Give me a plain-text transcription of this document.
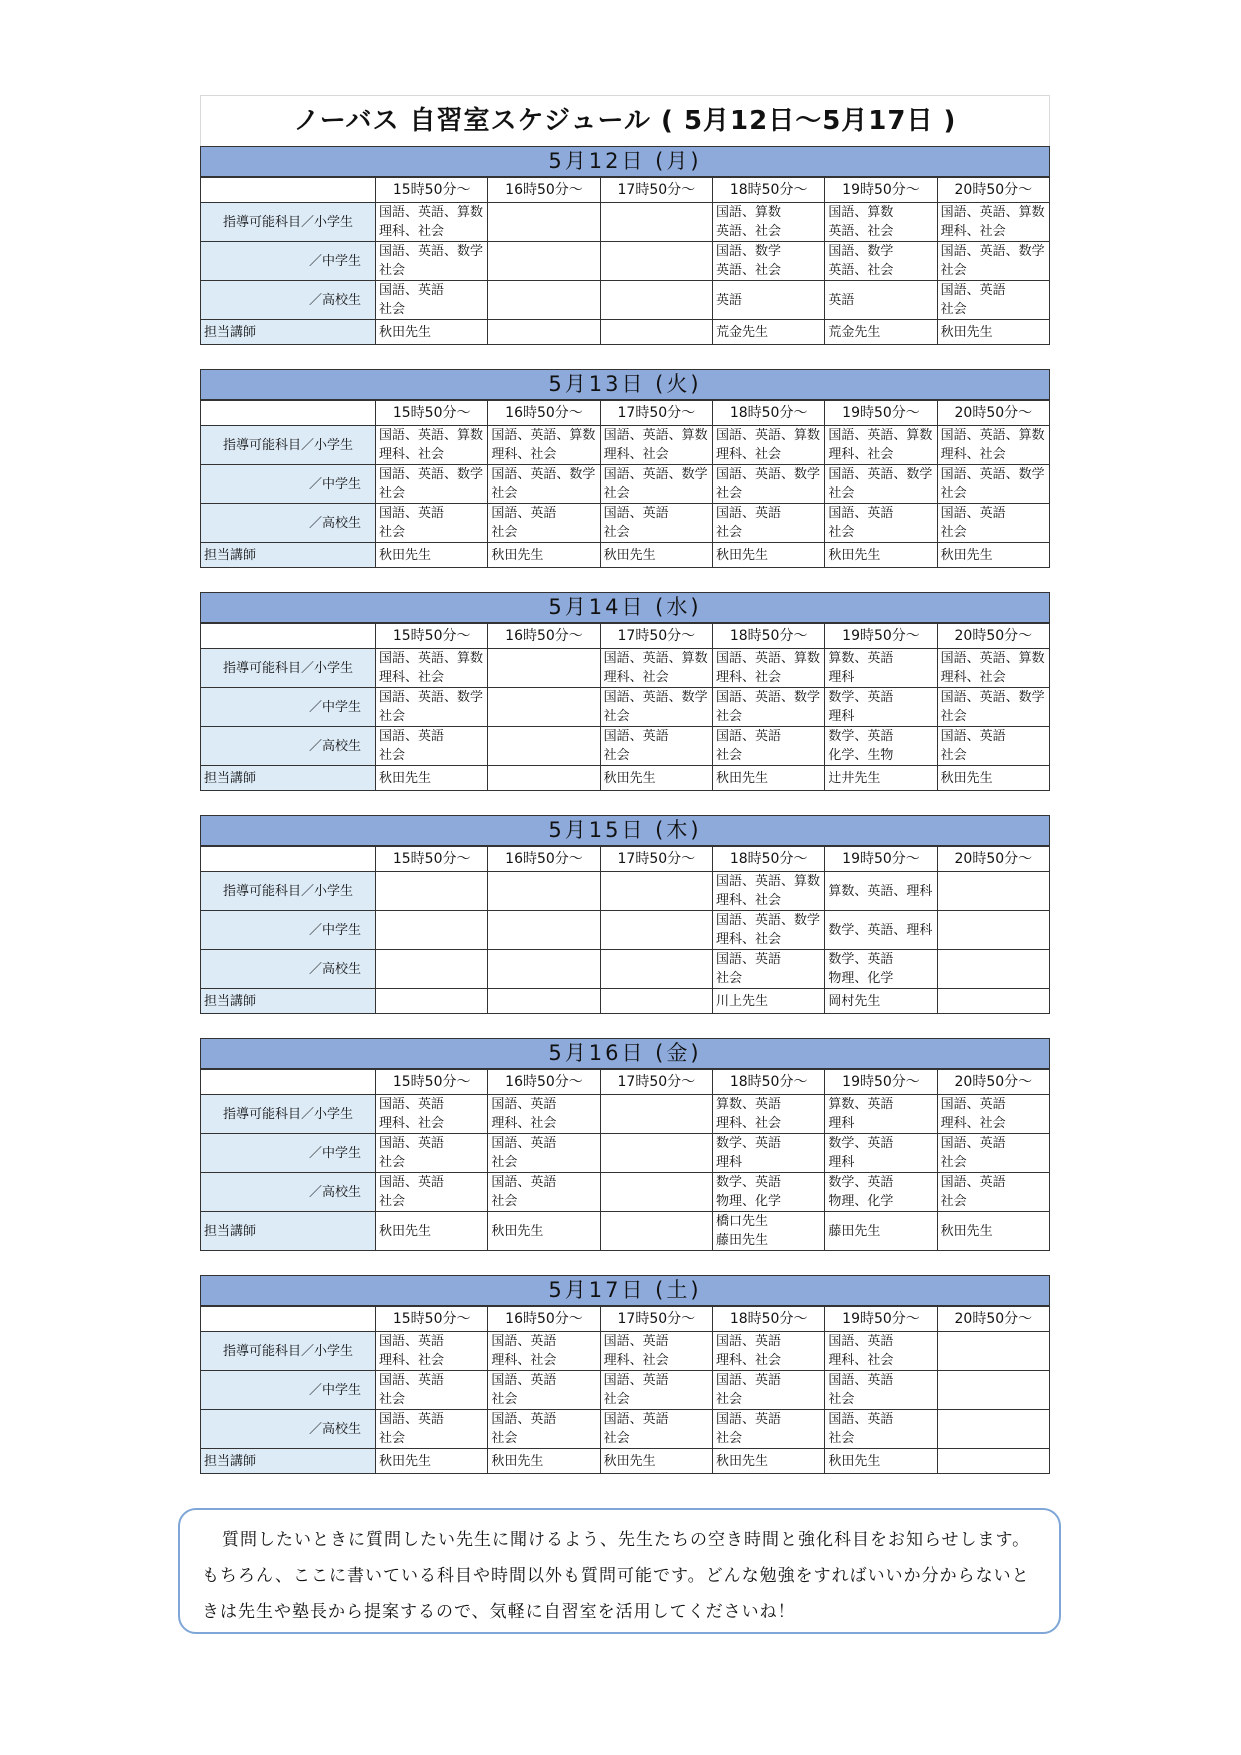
ノーバス 自習室スケジュール ( 5月12日～5月17日 )
5月12日 (月)
	15時50分～	16時50分～	17時50分～	18時50分～	19時50分～	20時50分～
指導可能科目／小学生	国語、英語、算数
理科、社会			国語、算数
英語、社会	国語、算数
英語、社会	国語、英語、算数
理科、社会
／中学生	国語、英語、数学
社会			国語、数学
英語、社会	国語、数学
英語、社会	国語、英語、数学
社会
／高校生	国語、英語
社会			英語	英語	国語、英語
社会
担当講師	秋田先生			荒金先生	荒金先生	秋田先生
5月13日 (火)
	15時50分～	16時50分～	17時50分～	18時50分～	19時50分～	20時50分～
指導可能科目／小学生	国語、英語、算数
理科、社会	国語、英語、算数
理科、社会	国語、英語、算数
理科、社会	国語、英語、算数
理科、社会	国語、英語、算数
理科、社会	国語、英語、算数
理科、社会
／中学生	国語、英語、数学
社会	国語、英語、数学
社会	国語、英語、数学
社会	国語、英語、数学
社会	国語、英語、数学
社会	国語、英語、数学
社会
／高校生	国語、英語
社会	国語、英語
社会	国語、英語
社会	国語、英語
社会	国語、英語
社会	国語、英語
社会
担当講師	秋田先生	秋田先生	秋田先生	秋田先生	秋田先生	秋田先生
5月14日 (水)
	15時50分～	16時50分～	17時50分～	18時50分～	19時50分～	20時50分～
指導可能科目／小学生	国語、英語、算数
理科、社会		国語、英語、算数
理科、社会	国語、英語、算数
理科、社会	算数、英語
理科	国語、英語、算数
理科、社会
／中学生	国語、英語、数学
社会		国語、英語、数学
社会	国語、英語、数学
社会	数学、英語
理科	国語、英語、数学
社会
／高校生	国語、英語
社会		国語、英語
社会	国語、英語
社会	数学、英語
化学、生物	国語、英語
社会
担当講師	秋田先生		秋田先生	秋田先生	辻井先生	秋田先生
5月15日 (木)
	15時50分～	16時50分～	17時50分～	18時50分～	19時50分～	20時50分～
指導可能科目／小学生				国語、英語、算数
理科、社会	算数、英語、理科	
／中学生				国語、英語、数学
理科、社会	数学、英語、理科	
／高校生				国語、英語
社会	数学、英語
物理、化学	
担当講師				川上先生	岡村先生	
5月16日 (金)
	15時50分～	16時50分～	17時50分～	18時50分～	19時50分～	20時50分～
指導可能科目／小学生	国語、英語
理科、社会	国語、英語
理科、社会		算数、英語
理科、社会	算数、英語
理科	国語、英語
理科、社会
／中学生	国語、英語
社会	国語、英語
社会		数学、英語
理科	数学、英語
理科	国語、英語
社会
／高校生	国語、英語
社会	国語、英語
社会		数学、英語
物理、化学	数学、英語
物理、化学	国語、英語
社会
担当講師	秋田先生	秋田先生		橋口先生
藤田先生	藤田先生	秋田先生
5月17日 (土)
	15時50分～	16時50分～	17時50分～	18時50分～	19時50分～	20時50分～
指導可能科目／小学生	国語、英語
理科、社会	国語、英語
理科、社会	国語、英語
理科、社会	国語、英語
理科、社会	国語、英語
理科、社会	
／中学生	国語、英語
社会	国語、英語
社会	国語、英語
社会	国語、英語
社会	国語、英語
社会	
／高校生	国語、英語
社会	国語、英語
社会	国語、英語
社会	国語、英語
社会	国語、英語
社会	
担当講師	秋田先生	秋田先生	秋田先生	秋田先生	秋田先生	
質問したいときに質問したい先生に聞けるよう、先生たちの空き時間と強化科目をお知らせします。もちろん、ここに書いている科目や時間以外も質問可能です。どんな勉強をすればいいか分からないときは先生や塾長から提案するので、気軽に自習室を活用してくださいね！
